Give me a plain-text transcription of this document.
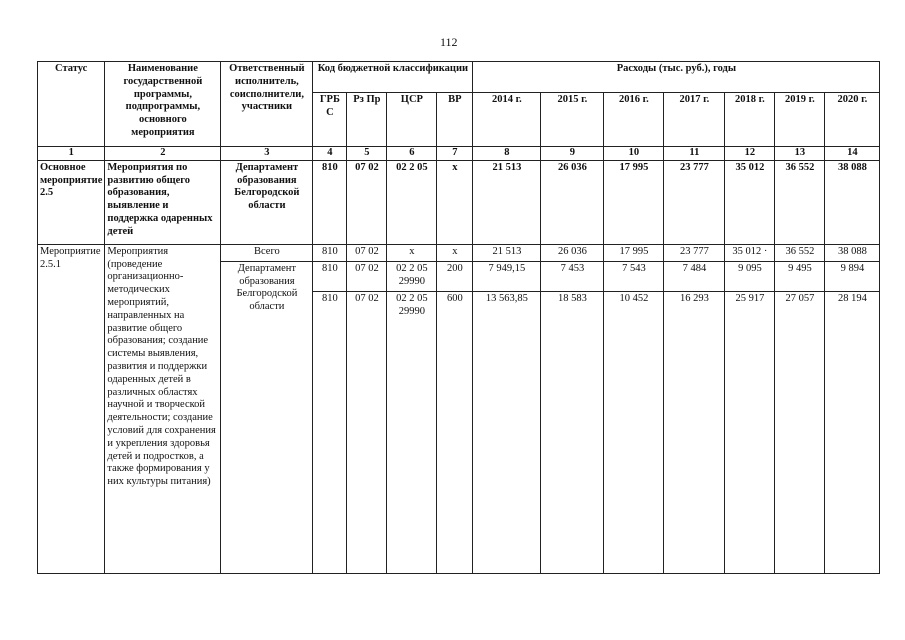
112
Статус	Наименование государственной программы, подпрограммы, основного мероприятия	Ответственный исполнитель, соисполнители, участники	Код бюджетной классификации				Расходы (тыс. руб.), годы						
			ГРБ С	Рз Пр	ЦСР	ВР	2014 г.	2015 г.	2016 г.	2017 г.	2018 г.	2019 г.	2020 г.
1	2	3	4	5	6	7	8	9	10	11	12	13	14
Основное мероприятие 2.5	Мероприятия по развитию общего образования, выявление и поддержка одаренных детей	Департамент образования Белгородской области	810	07 02	02 2 05	х	21 513	26 036	17 995	23 777	35 012	36 552	38 088
Мероприятие 2.5.1	Мероприятия (проведение организационно-методических мероприятий, направленных на развитие общего образования; создание системы выявления, развития и поддержки одаренных детей в различных областях научной и творческой деятельности; создание условий для сохранения и укрепления здоровья детей и подростков, а также формирования у них культуры питания)	Всего	810	07 02	х	х	21 513	26 036	17 995	23 777	35 012 ·	36 552	38 088
		Департамент образования Белгородской области	810	07 02	02 2 05 29990	200	7 949,15	7 453	7 543	7 484	9 095	9 495	9 894
			810	07 02	02 2 05 29990	600	13 563,85	18 583	10 452	16 293	25 917	27 057	28 194
